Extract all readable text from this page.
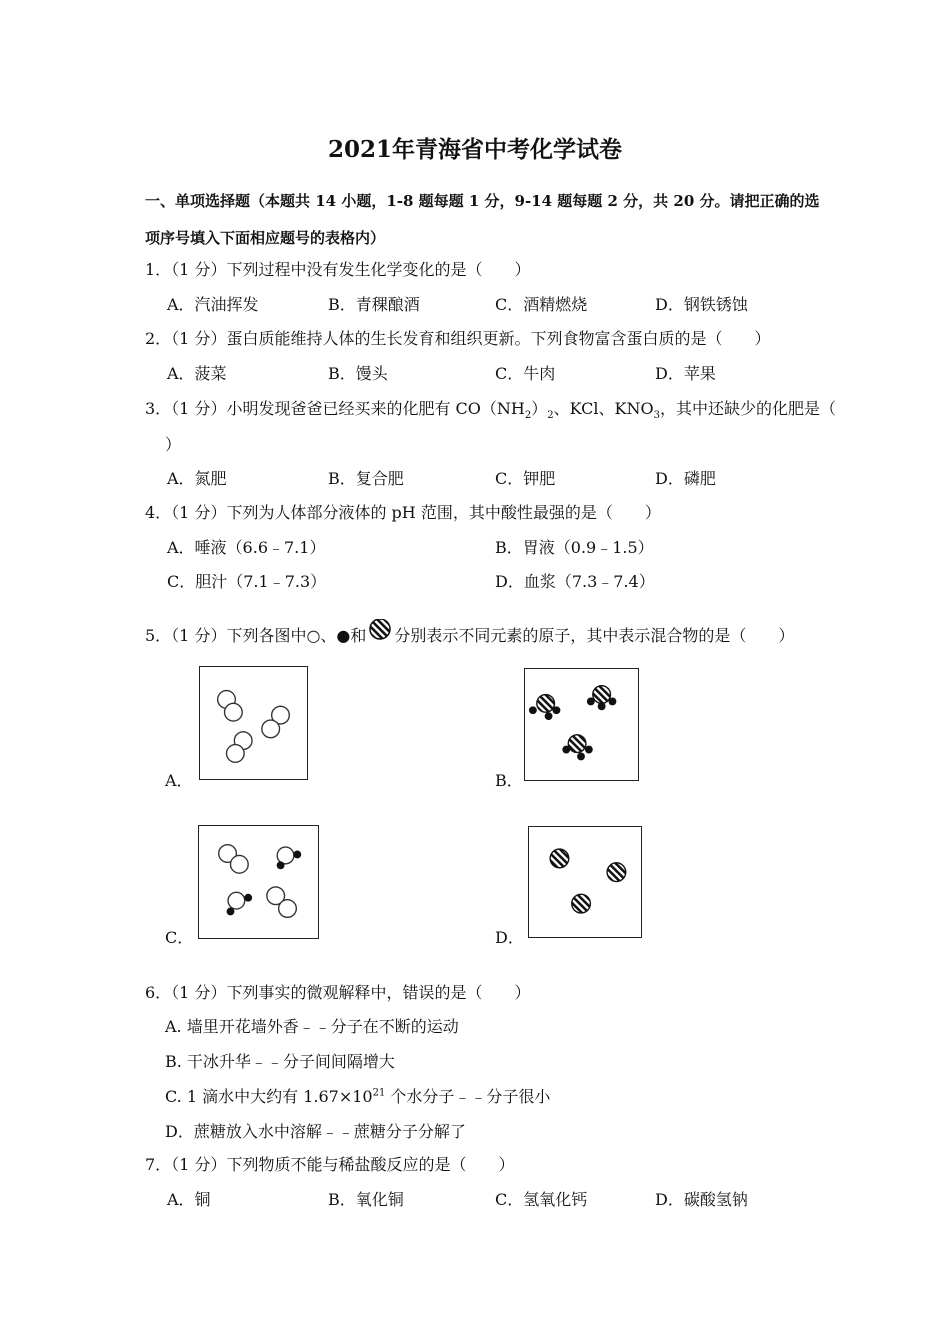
2021年青海省中考化学试卷
一、单项选择题（本题共 14 小题，1-8 题每题 1 分，9-14 题每题 2 分，共 20 分。请把正确的选
项序号填入下面相应题号的表格内）
1．（1 分）下列过程中没有发生化学变化的是（　　）
A．汽油挥发	B．青稞酿酒	C．酒精燃烧	D．钢铁锈蚀
2．（1 分）蛋白质能维持人体的生长发育和组织更新。下列食物富含蛋白质的是（　　）
A．菠菜	B．馒头	C．牛肉	D．苹果
3．（1 分）小明发现爸爸已经买来的化肥有 $CO(NH_2)_2$、KCl、$KNO_3$，其中还缺少的化肥是（
）
A．氮肥	B．复合肥	C．钾肥	D．磷肥
4．（1 分）下列为人体部分液体的 pH 范围，其中酸性最强的是（　　）
A．唾液（6.6﹣7.1）	B．胃液（0.9﹣1.5）
C．胆汁（7.1﹣7.3）	D．血浆（7.3﹣7.4）
5．（1 分）下列各图中○、●和 分别表示不同元素的原子，其中表示混合物的是（　　）
A．	B．
C．	D．
6．（1 分）下列事实的微观解释中，错误的是（　　）
A. 墙里开花墙外香﹣﹣分子在不断的运动
B. 干冰升华﹣﹣分子间间隔增大
C. 1 滴水中大约有 $1.67\times 10^{21}$ 个水分子﹣﹣分子很小
D．蔗糖放入水中溶解﹣﹣蔗糖分子分解了
7．（1 分）下列物质不能与稀盐酸反应的是（　　）
A．铜	B．氧化铜	C．氢氧化钙	D．碳酸氢钠
